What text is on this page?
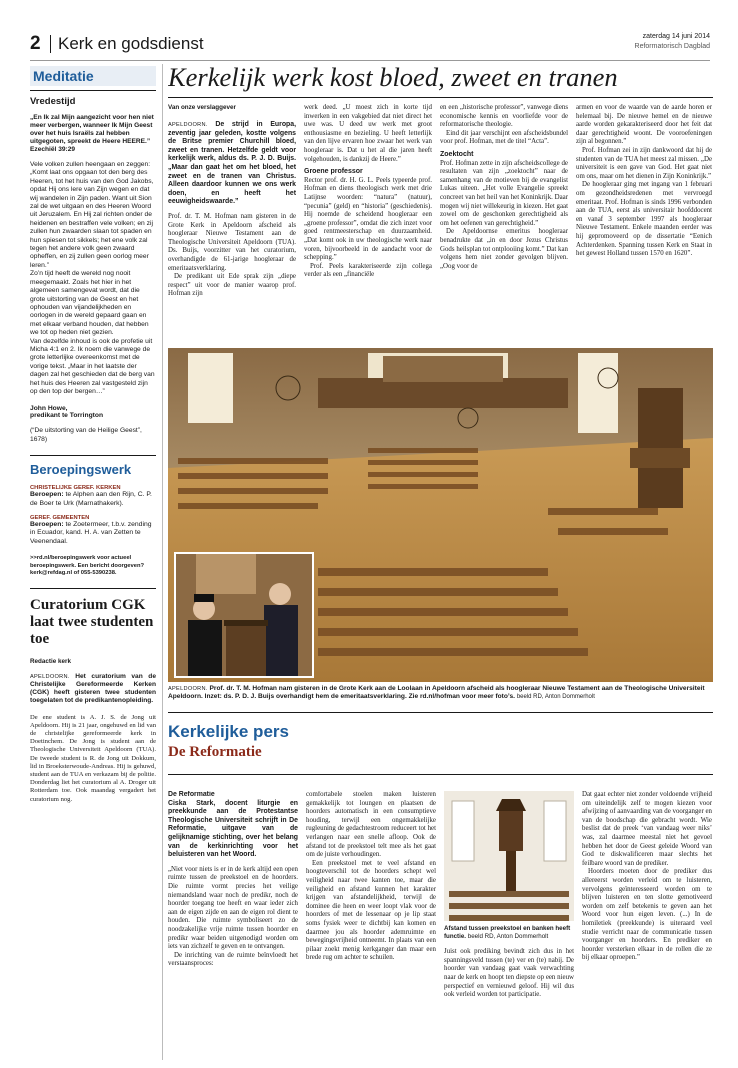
2 Kerk en godsdienst	zaterdag 14 juni 2014
Reformatorisch Dagblad
Meditatie
Vredestijd
„En Ik zal Mijn aangezicht voor hen niet meer verbergen, wanneer Ik Mijn Geest over het huis Israëls zal hebben uitgegoten, spreekt de Heere HEERE.” Ezechiël 39:29

Vele volken zullen heengaan en zeggen: „Komt laat ons opgaan tot den berg des Heeren, tot het huis van den God Jakobs, opdat Hij ons lere van Zijn wegen en dat wij wandelen in Zijn paden. Want uit Sion zal de wet uitgaan en des Heeren Woord uit Jeruzalem. En Hij zal richten onder de heidenen en bestraffen vele volken; en zij zullen hun zwaarden slaan tot spaden en hun spiesen tot sikkels; het ene volk zal tegen het andere volk geen zwaard opheffen, en zij zullen geen oorlog meer leren.”

Zo’n tijd heeft de wereld nog nooit meegemaakt. Zoals het hier in het algemeen samengevat wordt, dat die grote uitstorting van de Geest en het ophouden van vijandelijkheden en oorlogen in de wereld gepaard gaan en met elkaar verband houden, dat hebben we tot op heden niet gezien.

Van dezelfde inhoud is ook de profetie uit Micha 4:1 en 2. Ik noem die vanwege de grote letterlijke overeenkomst met de vorige tekst. „Maar in het laatste der dagen zal het geschieden dat de berg van het huis des Heeren zal vastgesteld zijn op den top der bergen…”

John Howe,
predikant te Torrington
(“De uitstorting van de Heilige Geest”, 1678)
Beroepingswerk
CHRISTELIJKE GEREF. KERKEN
Beroepen: te Alphen aan den Rijn, C. P. de Boer te Urk (Marnathakerk).
GEREF. GEMEENTEN
Beroepen: te Zoetermeer, t.b.v. zending in Ecuador, kand. H. A. van Zetten te Veenendaal.
>>rd.nl/beroepingswerk voor actueel beroepingswerk. Een bericht doorgeven? kerk@refdag.nl of 055-5390238.
Curatorium CGK laat twee studenten toe
Redactie kerk
APELDOORN. Het curatorium van de Christelijke Gereformeerde Kerken (CGK) heeft gisteren twee studenten toegelaten tot de predikantenopleiding.

De ene student is A. J. S. de Jong uit Apeldoorn. Hij is 21 jaar, ongehuwd en lid van de christelijke gereformeerde kerk in Doetinchem. De Jong is student aan de Theologische Universiteit Apeldoorn (TUA). De tweede student is R. de Jong uit Dokkum, lid in Broeksterwoude-Andreas. Hij is gehuwd, student aan de TUA en verkazam bij de politie. Donderdag liet het curatorium al A. Droger uit Rotterdam toe. Ook maandag vergadert het curatorium nog.

Kerkelijk werk kost bloed, zweet en tranen
Van onze verslaggever
APELDOORN. De strijd in Europa, zeventig jaar geleden, kostte volgens de Britse premier Churchill bloed, zweet en tranen. Hetzelfde geldt voor kerkelijk werk, aldus ds. P. J. D. Buijs. „Maar dan gaat het om het bloed, het zweet en de tranen van Christus. Alleen daardoor kunnen we ons werk doen, en heeft het eeuwigheidswaarde.”

Prof. dr. T. M. Hofman nam gisteren in de Grote Kerk in Apeldoorn afscheid als hoogleraar Nieuwe Testament aan de Theologische Universiteit Apeldoorn (TUA). Ds. Buijs, voorzitter van het curatorium, overhandigde de 61-jarige hoogleraar de emeritaatsverklaring.

De predikant uit Ede sprak zijn „diepe respect” uit voor de manier waarop prof. Hofman zijn

werk deed. „U moest zich in korte tijd inwerken in een vakgebied dat niet direct het uwe was. U deed uw werk met groot enthousiasme en bezieling. U heeft letterlijk van den lijve ervaren hoe zwaar het werk van hoogleraar is. Dat u het al die jaren heeft volgehouden, is dankzij de Heere.”

Groene professor

Rector prof. dr. H. G. L. Peels typeerde prof. Hofman en diens theologisch werk met drie Latijnse woorden: “natura” (natuur), “pecunia” (geld) en “historia” (geschiedenis). Hij noemde de scheidend hoogleraar een „groene professor”, omdat die zich inzet voor goed rentmeesterschap en duurzaamheid. „Dat komt ook in uw theologische werk naar voren, bijvoorbeeld in de aandacht voor de schepping.”

Prof. Peels karakteriseerde zijn collega verder als een „financiële

en een „historische professor”, vanwege diens economische kennis en voorliefde voor de reformatorische theologie.

Eind dit jaar verschijnt een afscheidsbundel voor prof. Hofman, met de titel “Acta”.

Zoektocht

Prof. Hofman zette in zijn afscheidscollege de resultaten van zijn „zoektocht” naar de samenhang van de motieven bij de evangelist Lukas uiteen. „Het volle Evangelie spreekt concreet van het heil van het Koninkrijk. Daar mogen wij niet willekeurig in kiezen. Het gaat zowel om de geschonken gerechtigheid als om het oefenen van gerechtigheid.”

De Apeldoornse emeritus hoogleraar benadrukte dat „in en door Jezus Christus Gods heilsplan tot ontplooiing komt.” Dat kan volgens hem niet zonder gevolgen blijven. „Oog voor de

armen en voor de waarde van de aarde horen er helemaal bij. De nieuwe hemel en de nieuwe aarde worden gekarakteriseerd door het feit dat daar gerechtigheid woont. De vooroefeningen zijn al begonnen.”

Prof. Hofman zei in zijn dankwoord dat hij de studenten van de TUA het meest zal missen. „De universiteit is een gave van God. Het gaat niet om ons, maar om het dienen in Zijn Koninkrijk.”

De hoogleraar ging met ingang van 1 februari om gezondheidsredenen met vervroegd emeritaat. Prof. Hofman is sinds 1996 verbonden aan de TUA, eerst als universitair hoofddocent en vanaf 3 september 1997 als hoogleraar Nieuwe Testament. Enkele maanden eerder was hij gepromoveerd op de dissertatie “Eenich Achterdenken. Spanning tussen Kerk en Staat in het gewest Holland tussen 1570 en 1620”.

APELDOORN. Prof. dr. T. M. Hofman nam gisteren in de Grote Kerk aan de Loolaan in Apeldoorn afscheid als hoogleraar Nieuwe Testament aan de Theologische Universiteit Apeldoorn. Inzet: ds. P. D. J. Buijs overhandigt hem de emeritaatsverklaring. Zie rd.nl/hofman voor meer foto’s. beeld RD, Anton Dommerholt
Kerkelijke pers
De Reformatie
De Reformatie
Ciska Stark, docent liturgie en preekkunde aan de Protestantse Theologische Universiteit schrijft in De Reformatie, uitgave van de gelijknamige stichting, over het belang van de kerkinrichting voor het beluisteren van het Woord.

„Niet voor niets is er in de kerk altijd een open ruimte tussen de preekstoel en de hoorders. Die ruimte vormt precies het veilige niemandsland waar noch de predikr, noch de hoorder toegang toe heeft en waar ieder zich aan de eigen zijde en aan de eigen rol dient te houden. Die ruimte symboliseert zo de noodzakelijke vrije ruimte tussen hoorder en predikr waar beiden uitgenodigd worden om iets van zichzelf te geven en te ontvangen.

De inrichting van de ruimte beïnvloedt het verstaansproces:

comfortabele stoelen maken luisteren gemakkelijk tot loungen en plaatsen de hoorders automatisch in een consumptieve houding, terwijl een ongemakkelijke rugleuning de gedachtestroom reduceert tot het verlangen naar een snelle afloop. Ook de afstand tot de preekstoel telt mee als het gaat om de juiste verhoudingen.

Een preekstoel met te veel afstand en hoogteverschil tot de hoorders schept wel veiligheid naar twee kanten toe, maar die veiligheid en afstand kunnen het karakter krijgen van afstandelijkheid, terwijl de dominee die heen en weer loopt vlak voor de hoorders of met de lessenaar op je lip staat soms fysiek weer te dichtbij kan komen en daarmee jou als hoorder ademruimte en bewegingsvrijheid ontneemt. In plaats van een pilaar zoekt menig kerkganger dan maar een brede rug om achter te schuilen.

Afstand tussen preekstoel en banken heeft functie. beeld RD, Anton Dommerholt

Juist ook prediking bevindt zich dus in het spanningsveld tussen (te) ver en (te) nabij. De hoorder van vandaag gaat vaak verwachting naar de kerk en hoopt ten diepste op een nieuw perspectief en vernieuwd geloof. Hij wil dus ook verleid worden tot participatie.

Dat gaat echter niet zonder voldoende vrijheid om uiteindelijk zelf te mogen kiezen voor afwijzing of aanvaarding van de voorganger en van de boodschap die gebracht wordt. Wie beslist dat de preek ‘van vandaag weer niks’ was, zal daarmee meestal niet het gevoel hebben het door de Geest geleide Woord van God te diskwalificeren maar slechts het feilbare woord van de prediker.

Hoorders moeten door de prediker dus allereerst worden verleid om te luisteren, vervolgens geïnteresseerd worden om te blijven luisteren en ten slotte gemotiveerd worden om zelf betekenis te geven aan het Woord voor hun eigen leven. (...) In de homiletiek (preekkunde) is uiteraard veel studie verricht naar de communicatie tussen voorganger en hoorders. En prediker en hoorder versterken elkaar in de rollen die ze bij elkaar oproepen.”
